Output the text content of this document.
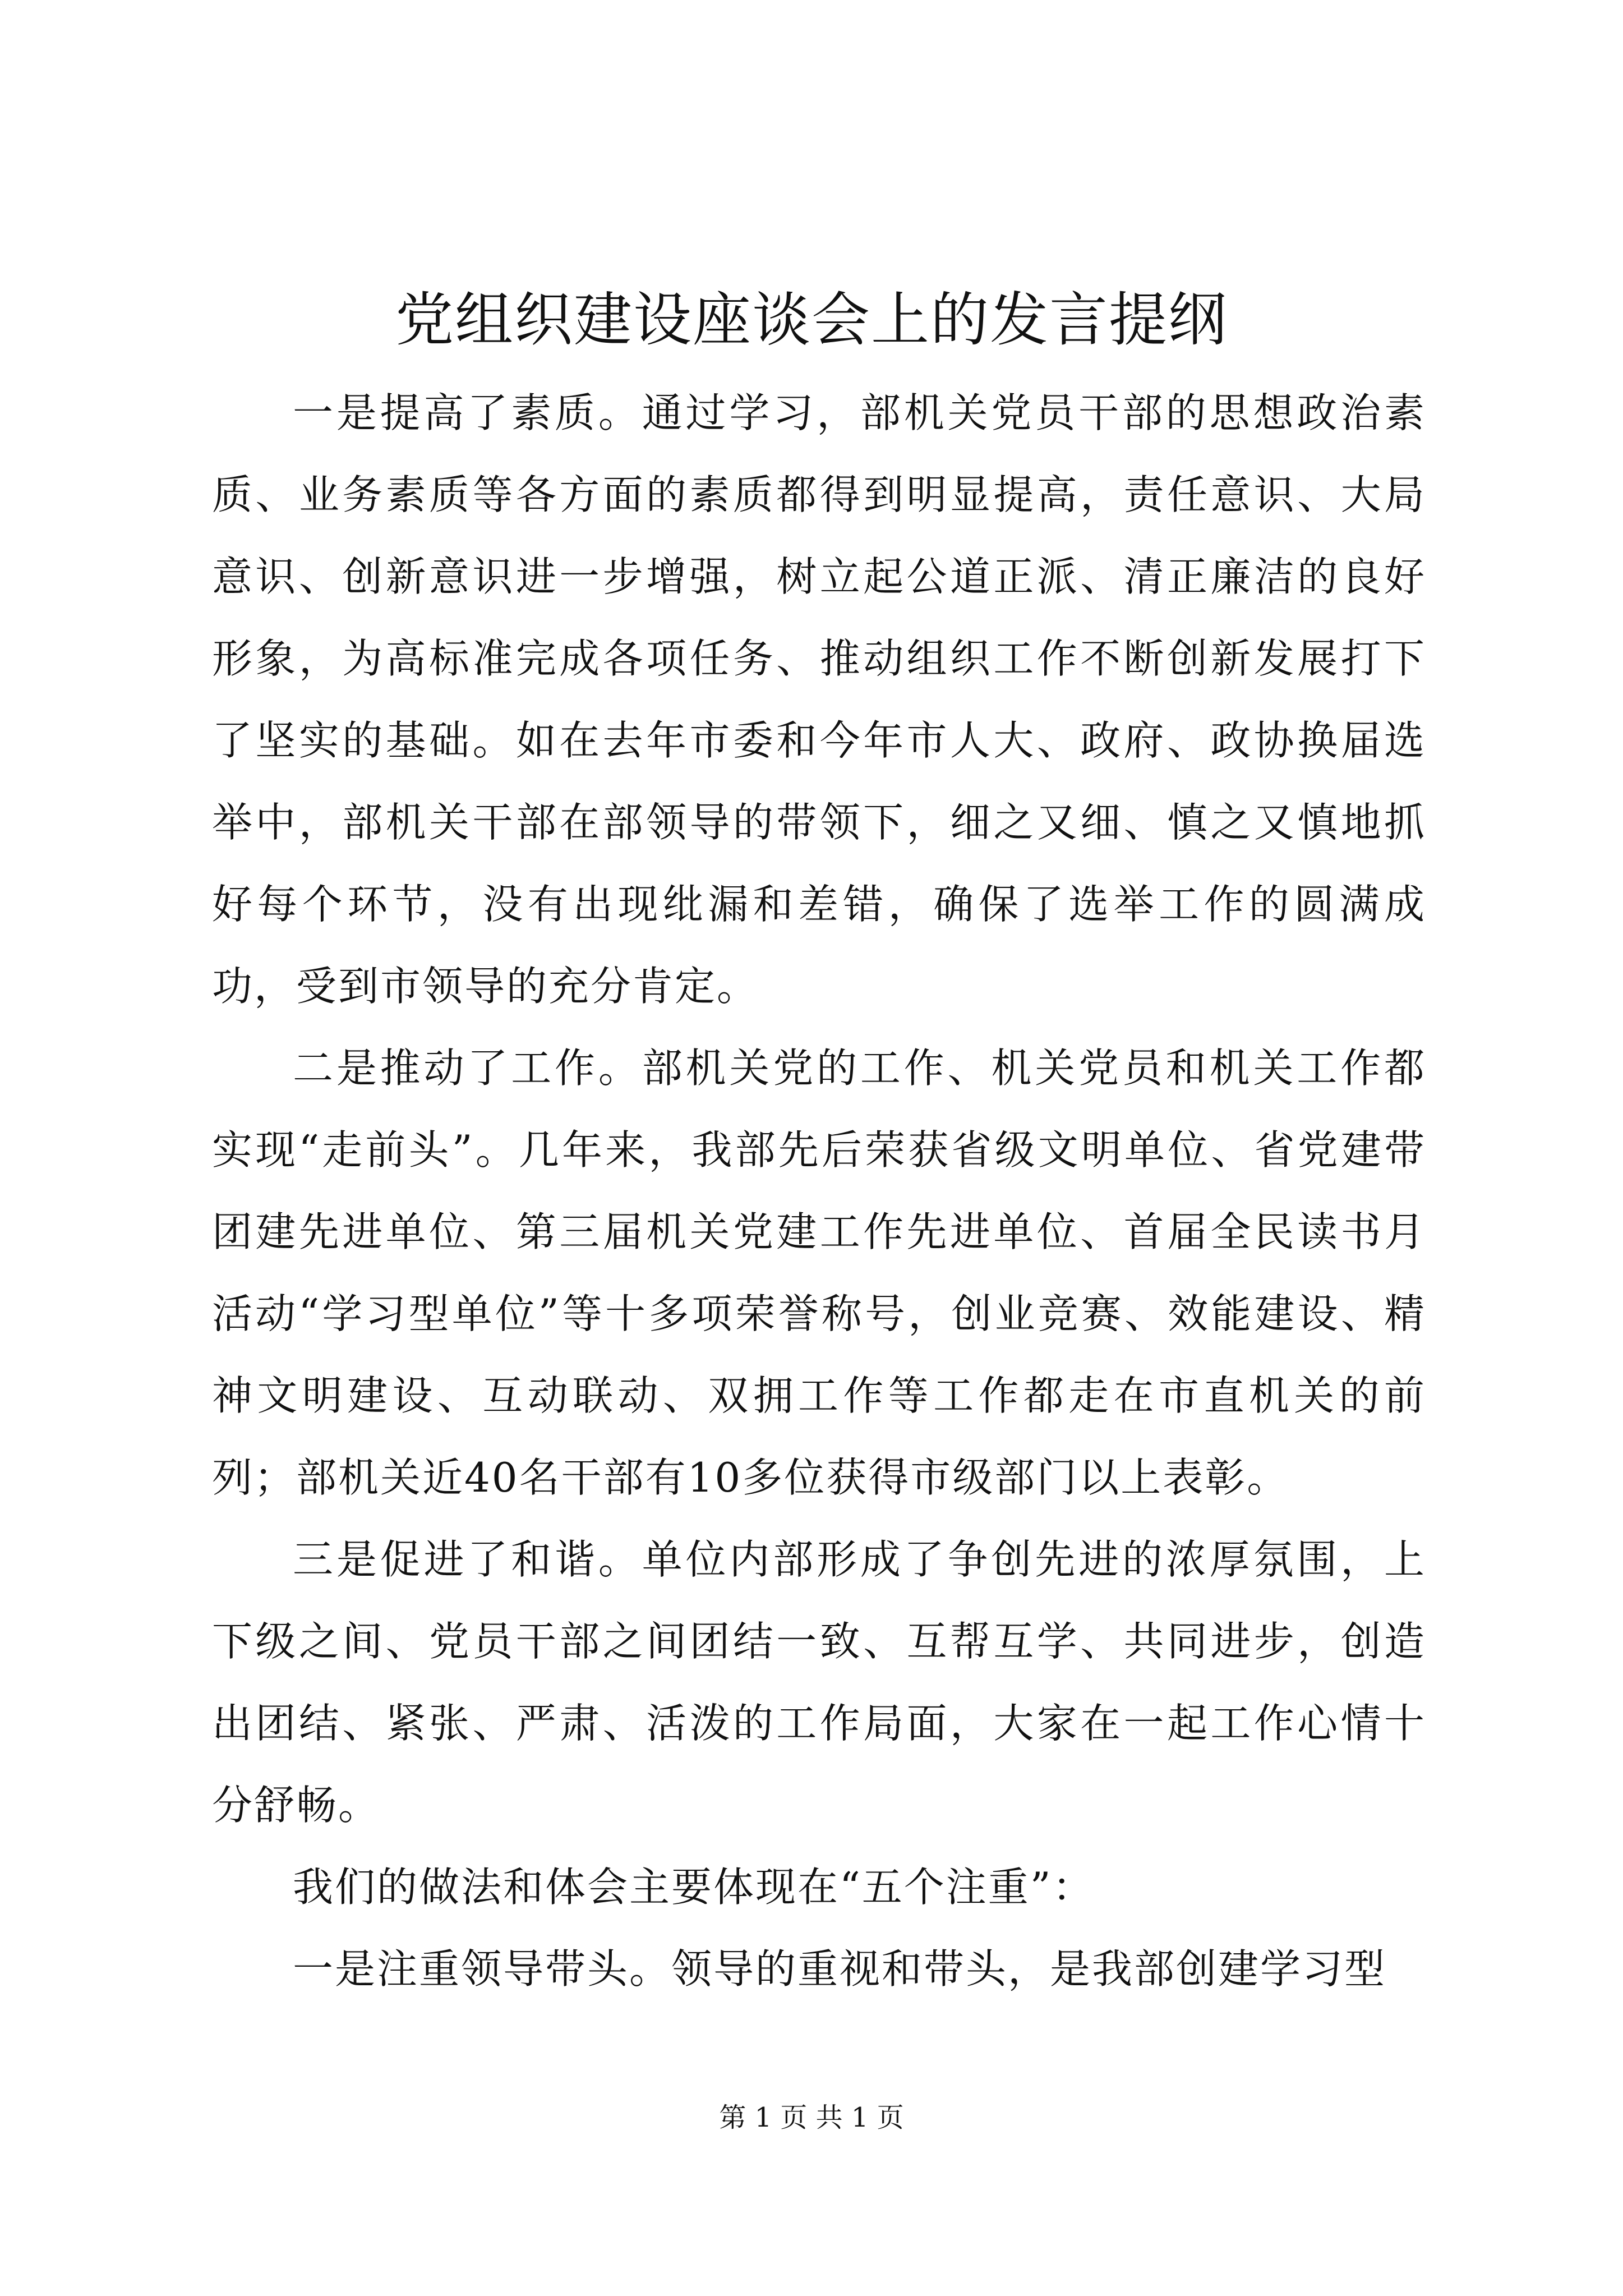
党组织建设座谈会上的发言提纲

一是提高了素质。通过学习，部机关党员干部的思想政治素质、业务素质等各方面的素质都得到明显提高，责任意识、大局意识、创新意识进一步增强，树立起公道正派、清正廉洁的良好形象，为高标准完成各项任务、推动组织工作不断创新发展打下了坚实的基础。如在去年市委和今年市人大、政府、政协换届选举中，部机关干部在部领导的带领下，细之又细、慎之又慎地抓好每个环节，没有出现纰漏和差错，确保了选举工作的圆满成功，受到市领导的充分肯定。

二是推动了工作。部机关党的工作、机关党员和机关工作都实现“走前头”。几年来，我部先后荣获省级文明单位、省党建带团建先进单位、第三届机关党建工作先进单位、首届全民读书月活动“学习型单位”等十多项荣誉称号，创业竞赛、效能建设、精神文明建设、互动联动、双拥工作等工作都走在市直机关的前列；部机关近40名干部有10多位获得市级部门以上表彰。

三是促进了和谐。单位内部形成了争创先进的浓厚氛围，上下级之间、党员干部之间团结一致、互帮互学、共同进步，创造出团结、紧张、严肃、活泼的工作局面，大家在一起工作心情十分舒畅。

我们的做法和体会主要体现在“五个注重”：

一是注重领导带头。领导的重视和带头，是我部创建学习型

第 1 页 共 1 页
